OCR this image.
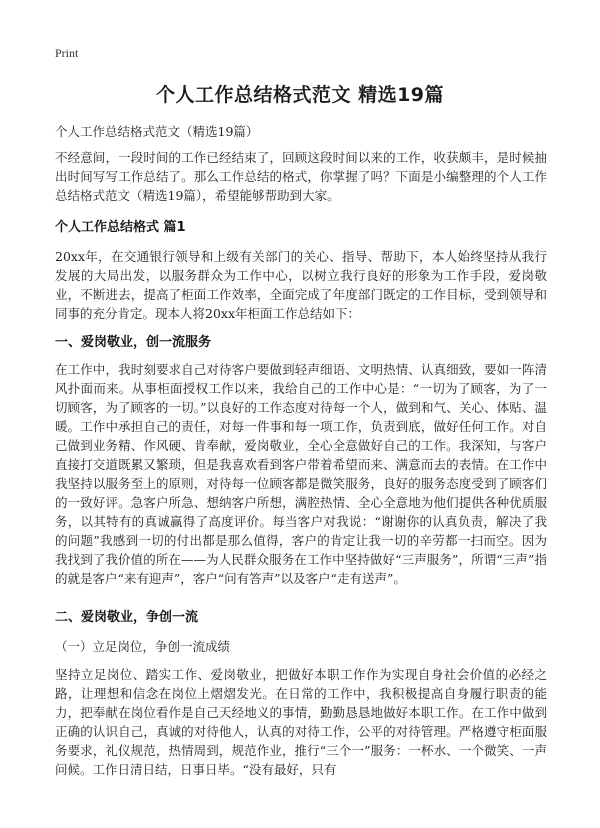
Print
个人工作总结格式范文 精选19篇
个人工作总结格式范文（精选19篇）
不经意间，一段时间的工作已经结束了，回顾这段时间以来的工作，收获颇丰，是时候抽出时间写写工作总结了。那么工作总结的格式，你掌握了吗？下面是小编整理的个人工作总结格式范文（精选19篇），希望能够帮助到大家。
个人工作总结格式 篇1
20xx年，在交通银行领导和上级有关部门的关心、指导、帮助下，本人始终坚持从我行发展的大局出发，以服务群众为工作中心，以树立我行良好的形象为工作手段，爱岗敬业，不断进去，提高了柜面工作效率，全面完成了年度部门既定的工作目标，受到领导和同事的充分肯定。现本人将20xx年柜面工作总结如下：
一、爱岗敬业，创一流服务
在工作中，我时刻要求自己对待客户要做到轻声细语、文明热情、认真细致，要如一阵清风扑面而来。从事柜面授权工作以来，我给自己的工作中心是：“一切为了顾客，为了一切顾客，为了顾客的一切。”以良好的工作态度对待每一个人，做到和气、关心、体贴、温暖。工作中承担自己的责任，对每一件事和每一项工作，负责到底，做好任何工作。对自己做到业务精、作风硬、肯奉献，爱岗敬业，全心全意做好自己的工作。我深知，与客户直接打交道既累又繁琐，但是我喜欢看到客户带着希望而来、满意而去的表情。在工作中我坚持以服务至上的原则，对待每一位顾客都是微笑服务，良好的服务态度受到了顾客们的一致好评。急客户所急、想纳客户所想，满腔热情、全心全意地为他们提供各种优质服务，以其特有的真诚赢得了高度评价。每当客户对我说：“谢谢你的认真负责，解决了我的问题”我感到一切的付出都是那么值得，客户的肯定让我一切的辛劳都一扫而空。因为我找到了我价值的所在——为人民群众服务在工作中坚持做好“三声服务”，所谓“三声”指的就是客户“来有迎声”，客户“问有答声”以及客户“走有送声”。
二、爱岗敬业，争创一流
（一）立足岗位，争创一流成绩
坚持立足岗位、踏实工作、爱岗敬业，把做好本职工作作为实现自身社会价值的必经之路，让理想和信念在岗位上熠熠发光。在日常的工作中，我积极提高自身履行职责的能力，把奉献在岗位看作是自己天经地义的事情，勤勤恳恳地做好本职工作。在工作中做到正确的认识自己，真诚的对待他人，认真的对待工作，公平的对待管理。严格遵守柜面服务要求，礼仪规范，热情周到，规范作业，推行“三个一”服务：一杯水、一个微笑、一声问候。工作日清日结，日事日毕。“没有最好，只有
